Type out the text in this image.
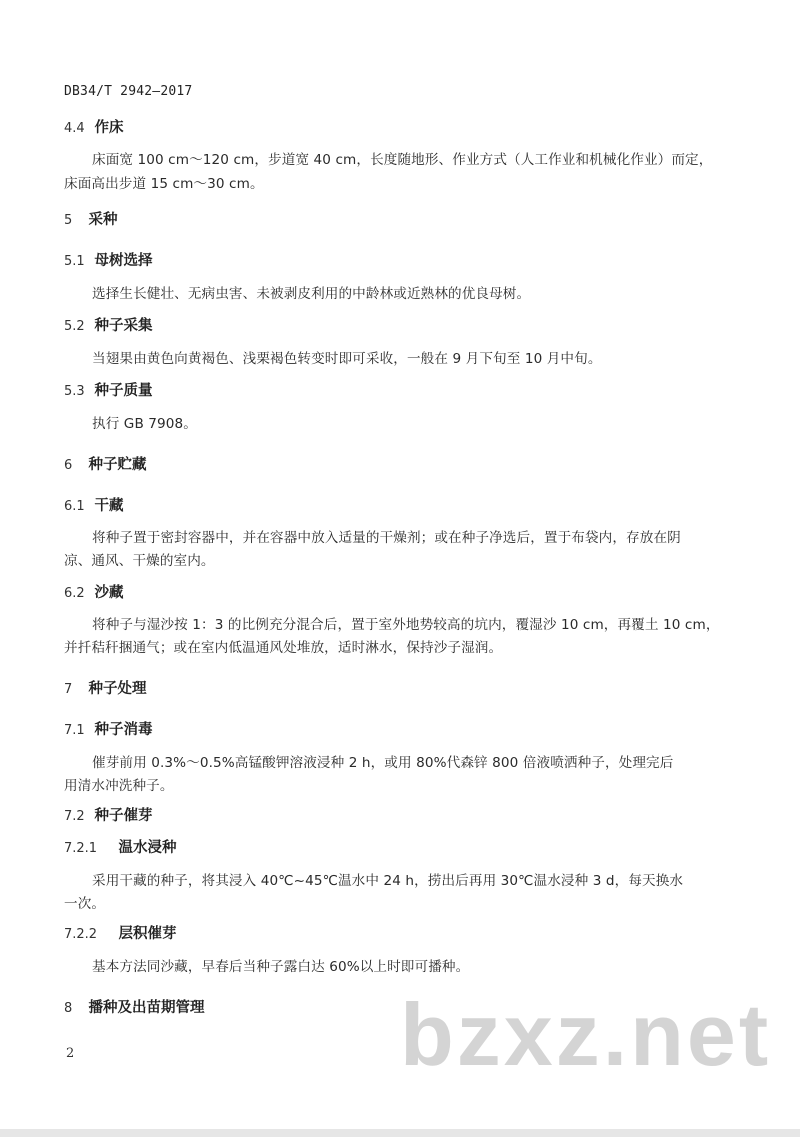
DB34/T 2942—2017
4.4 作床
床面宽 100 cm～120 cm，步道宽 40 cm，长度随地形、作业方式（人工作业和机械化作业）而定，
床面高出步道 15 cm～30 cm。
5 采种
5.1 母树选择
选择生长健壮、无病虫害、未被剥皮利用的中龄林或近熟林的优良母树。
5.2 种子采集
当翅果由黄色向黄褐色、浅栗褐色转变时即可采收，一般在 9 月下旬至 10 月中旬。
5.3 种子质量
执行 GB 7908。
6 种子贮藏
6.1 干藏
将种子置于密封容器中，并在容器中放入适量的干燥剂；或在种子净选后，置于布袋内，存放在阴
凉、通风、干燥的室内。
6.2 沙藏
将种子与湿沙按 1：3 的比例充分混合后，置于室外地势较高的坑内，覆湿沙 10 cm，再覆土 10 cm，
并扦秸秆捆通气；或在室内低温通风处堆放，适时淋水，保持沙子湿润。
7 种子处理
7.1 种子消毒
催芽前用 0.3%～0.5%高锰酸钾溶液浸种 2 h，或用 80%代森锌 800 倍液喷洒种子，处理完后
用清水冲洗种子。
7.2 种子催芽
7.2.1 温水浸种
采用干藏的种子，将其浸入 40℃~45℃温水中 24 h，捞出后再用 30℃温水浸种 3 d，每天换水
一次。
7.2.2 层积催芽
基本方法同沙藏，早春后当种子露白达 60%以上时即可播种。
8 播种及出苗期管理
2	bzxz.net
